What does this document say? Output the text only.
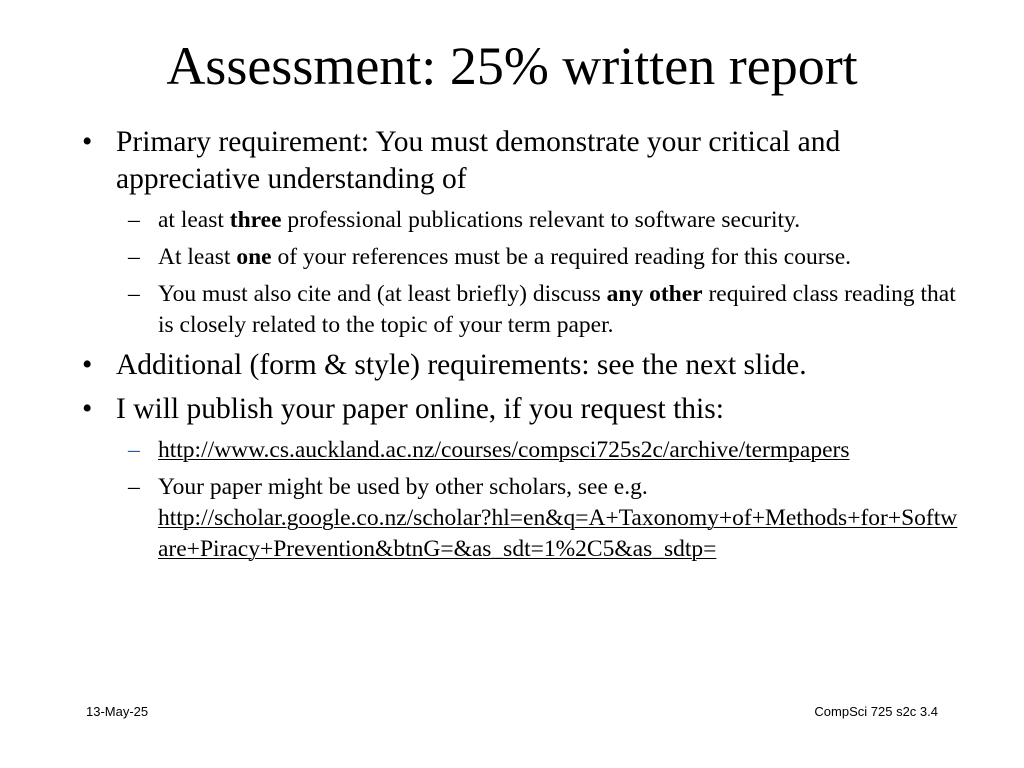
Assessment: 25% written report
• Primary requirement: You must demonstrate your critical and appreciative understanding of
– at least three professional publications relevant to software security.
– At least one of your references must be a required reading for this course.
– You must also cite and (at least briefly) discuss any other required class reading that is closely related to the topic of your term paper.
• Additional (form & style) requirements: see the next slide.
• I will publish your paper online, if you request this:
– http://www.cs.auckland.ac.nz/courses/compsci725s2c/archive/termpapers
– Your paper might be used by other scholars, see e.g.
http://scholar.google.co.nz/scholar?hl=en&q=A+Taxonomy+of+Methods+for+Software+Piracy+Prevention&btnG=&as_sdt=1%2C5&as_sdtp=
13-May-25	CompSci 725 s2c 3.4
